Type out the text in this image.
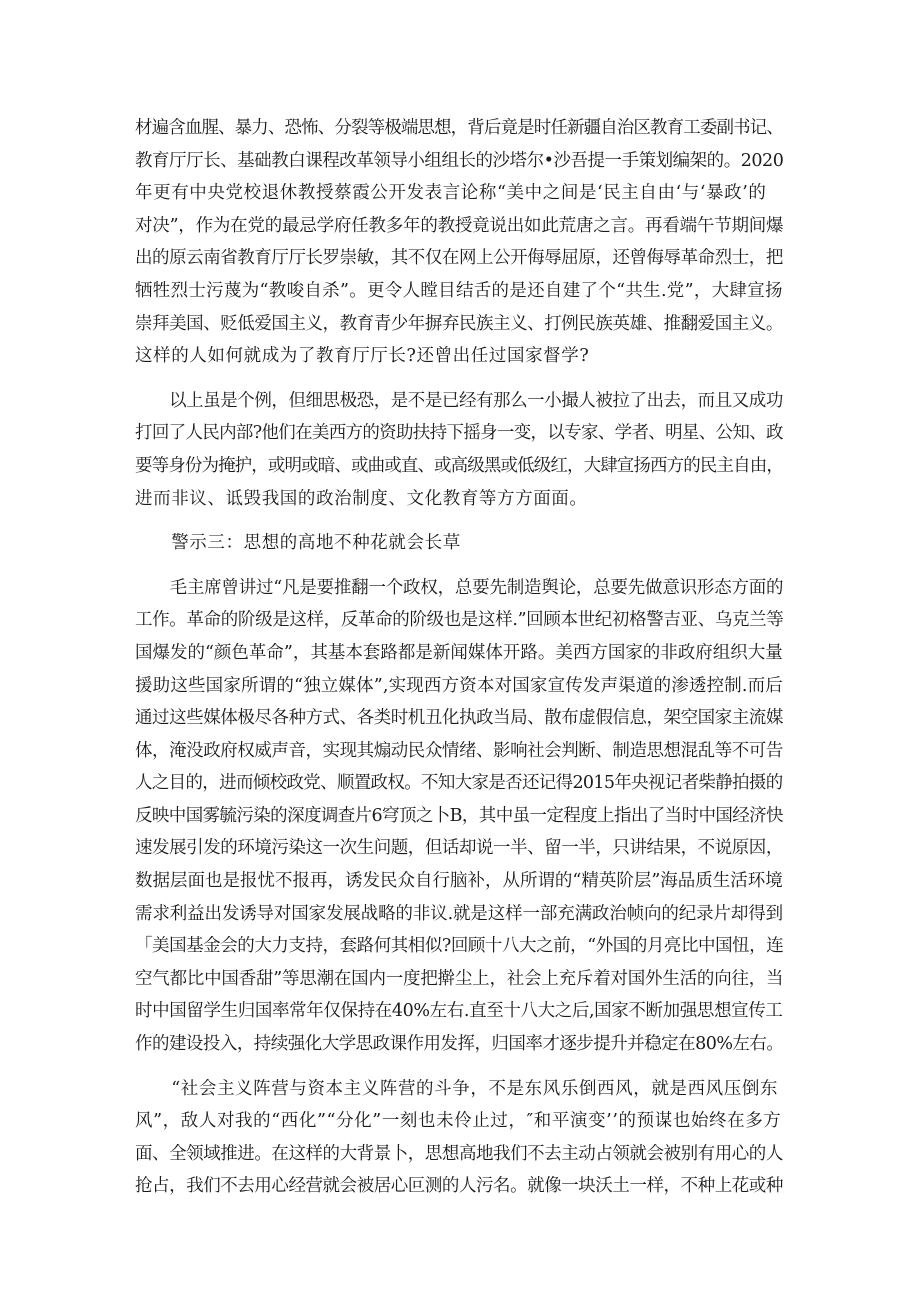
材遍含血腥、暴力、恐怖、分裂等极端思想，背后竟是时任新疆自治区教育工委副书记、
教育厅厅长、基础教白课程改革领导小组组长的沙塔尔•沙吾提一手策划编架的。2020
年更有中央党校退休教授蔡霞公开发表言论称“美中之间是‘民主自由‘与‘暴政’的
对决”，作为在党的最忌学府任教多年的教授竟说出如此荒唐之言。再看端午节期间爆
出的原云南省教育厅厅长罗崇敏，其不仅在网上公开侮辱屈原，还曾侮辱革命烈士，把
牺牲烈士污蔑为“教唆自杀”。更令人瞠目结舌的是还自建了个“共生.党”，大肆宣扬
崇拜美国、贬低爱国主义，教育青少年摒弃民族主义、打例民族英雄、推翻爱国主义。
这样的人如何就成为了教育厅厅长?还曾出任过国家督学?
　　以上虽是个例，但细思极恐，是不是已经有那么一小撮人被拉了出去，而且又成功
打回了人民内部?他们在美西方的资助扶持下摇身一变，以专家、学者、明星、公知、政
要等身份为掩护，或明或暗、或曲或直、或高级黑或低级红，大肆宣扬西方的民主自由，
进而非议、诋毁我国的政治制度、文化教育等方方面面。
　　警示三：思想的高地不种花就会长草
　　毛主席曾讲过“凡是要推翻一个政权，总要先制造舆论，总要先做意识形态方面的
工作。革命的阶级是这样，反革命的阶级也是这样.”回顾本世纪初格警吉亚、乌克兰等
国爆发的“颜色革命”，其基本套路都是新闻媒体开路。美西方国家的非政府组织大量
援助这些国家所谓的“独立媒体”,实现西方资本对国家宣传发声渠道的渗透控制.而后
通过这些媒体极尽各种方式、各类时机丑化执政当局、散布虚假信息，架空国家主流媒
体，淹没政府权威声音，实现其煽动民众情绪、影响社会判断、制造思想混乱等不可告
人之目的，进而倾校政党、顺置政权。不知大家是否还记得2015年央视记者柴静拍摄的
反映中国雾毓污染的深度调查片6穹顶之卜B，其中虽一定程度上指出了当时中国经济快
速发展引发的环境污染这一次生问题，但话却说一半、留一半，只讲结果，不说原因，
数据层面也是报忧不报再，诱发民众自行脑补，从所谓的“精英阶层”海品质生活环境
需求利益出发诱导对国家发展战略的非议.就是这样一部充满政治帧向的纪录片却得到
「美国基金会的大力支持，套路何其相似?回顾十八大之前，“外国的月亮比中国忸，连
空气都比中国香甜”等思潮在国内一度把擀尘上，社会上充斥着对国外生活的向往，当
时中国留学生归国率常年仅保持在40%左右.直至十八大之后,国家不断加强思想宣传工
作的建设投入，持续强化大学思政课作用发挥，归国率才逐步提升并稳定在80%左右。
　　“社会主义阵营与资本主义阵营的斗争，不是东风乐倒西风，就是西风压倒东
风”，敌人对我的“西化”“分化”一刻也未伶止过，″和平演变’’的预谋也始终在多方
面、全领域推进。在这样的大背景卜，思想高地我们不去主动占领就会被别有用心的人
抢占，我们不去用心经营就会被居心叵测的人污名。就像一块沃土一样，不种上花或种
